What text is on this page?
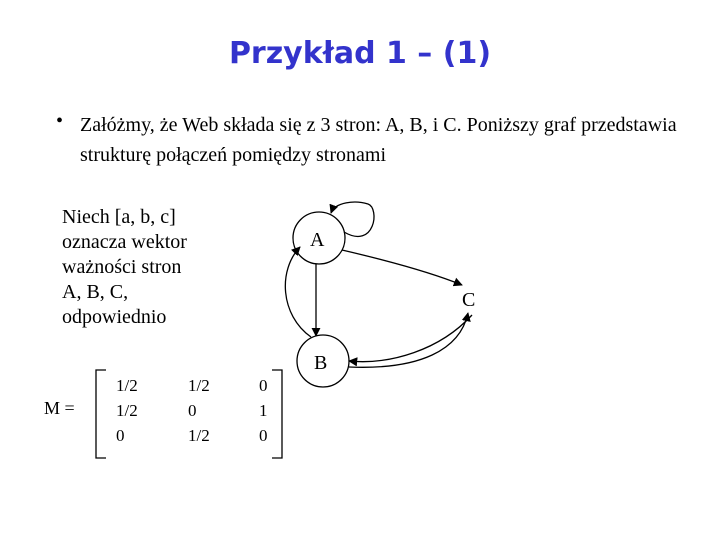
Przykład 1 – (1)
• Załóżmy, że Web składa się z 3 stron: A, B, i C. Poniższy graf przedstawia strukturę połączeń pomiędzy stronami
Niech [a, b, c]
oznacza wektor
ważności stron
A, B, C,
odpowiednio
M =
1/2	1/2	0
1/2	0	1
0	1/2	0
A
B
C
